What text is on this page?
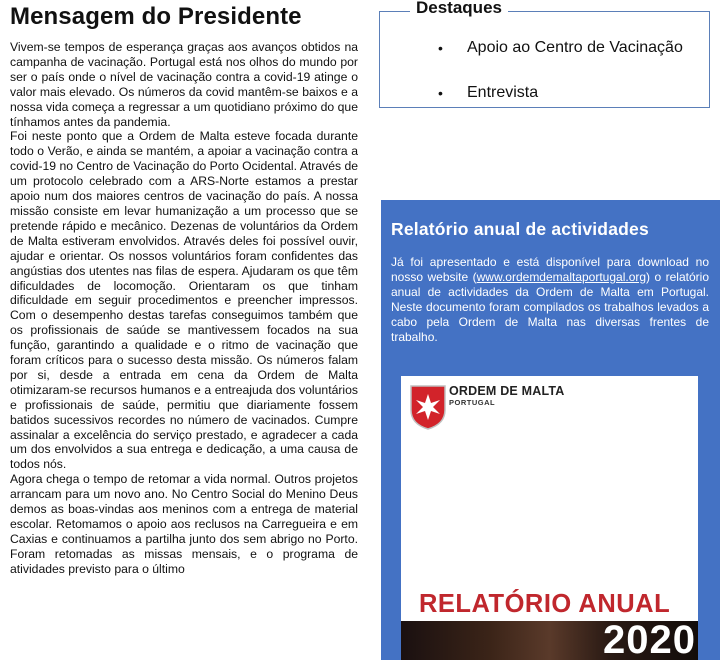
Mensagem do Presidente

Vivem-se tempos de esperança graças aos avanços obtidos na campanha de vacinação. Portugal está nos olhos do mundo por ser o país onde o nível de vacinação contra a covid-19 atinge o valor mais elevado. Os números da covid mantêm-se baixos e a nossa vida começa a regressar a um quotidiano próximo do que tínhamos antes da pandemia.

Foi neste ponto que a Ordem de Malta esteve focada durante todo o Verão, e ainda se mantém, a apoiar a vacinação contra a covid-19 no Centro de Vacinação do Porto Ocidental. Através de um protocolo celebrado com a ARS-Norte estamos a prestar apoio num dos maiores centros de vacinação do país. A nossa missão consiste em levar humanização a um processo que se pretende rápido e mecânico. Dezenas de voluntários da Ordem de Malta estiveram envolvidos. Através deles foi possível ouvir, ajudar e orientar. Os nossos voluntários foram confidentes das angústias dos utentes nas filas de espera. Ajudaram os que têm dificuldades de locomoção. Orientaram os que tinham dificuldade em seguir procedimentos e preencher impressos. Com o desempenho destas tarefas conseguimos também que os profissionais de saúde se mantivessem focados na sua função, garantindo a qualidade e o ritmo de vacinação que foram críticos para o sucesso desta missão. Os números falam por si, desde a entrada em cena da Ordem de Malta otimizaram-se recursos humanos e a entreajuda dos voluntários e profissionais de saúde, permitiu que diariamente fossem batidos sucessivos recordes no número de vacinados. Cumpre assinalar a excelência do serviço prestado, e agradecer a cada um dos envolvidos a sua entrega e dedicação, a uma causa de todos nós.

Agora chega o tempo de retomar a vida normal. Outros projetos arrancam para um novo ano. No Centro Social do Menino Deus demos as boas-vindas aos meninos com a entrega de material escolar. Retomamos o apoio aos reclusos na Carregueira e em Caxias e continuamos a partilha junto dos sem abrigo no Porto. Foram retomadas as missas mensais, e o programa de atividades previsto para o último

Destaques
• Apoio ao Centro de Vacinação
• Entrevista
Relatório anual de actividades

Já foi apresentado e está disponível para download no nosso website (www.ordemdemaltaportugal.org) o relatório anual de actividades da Ordem de Malta em Portugal. Neste documento foram compilados os trabalhos levados a cabo pela Ordem de Malta nas diversas frentes de trabalho.

ORDEM DE MALTA
PORTUGAL
RELATÓRIO ANUAL
2020
